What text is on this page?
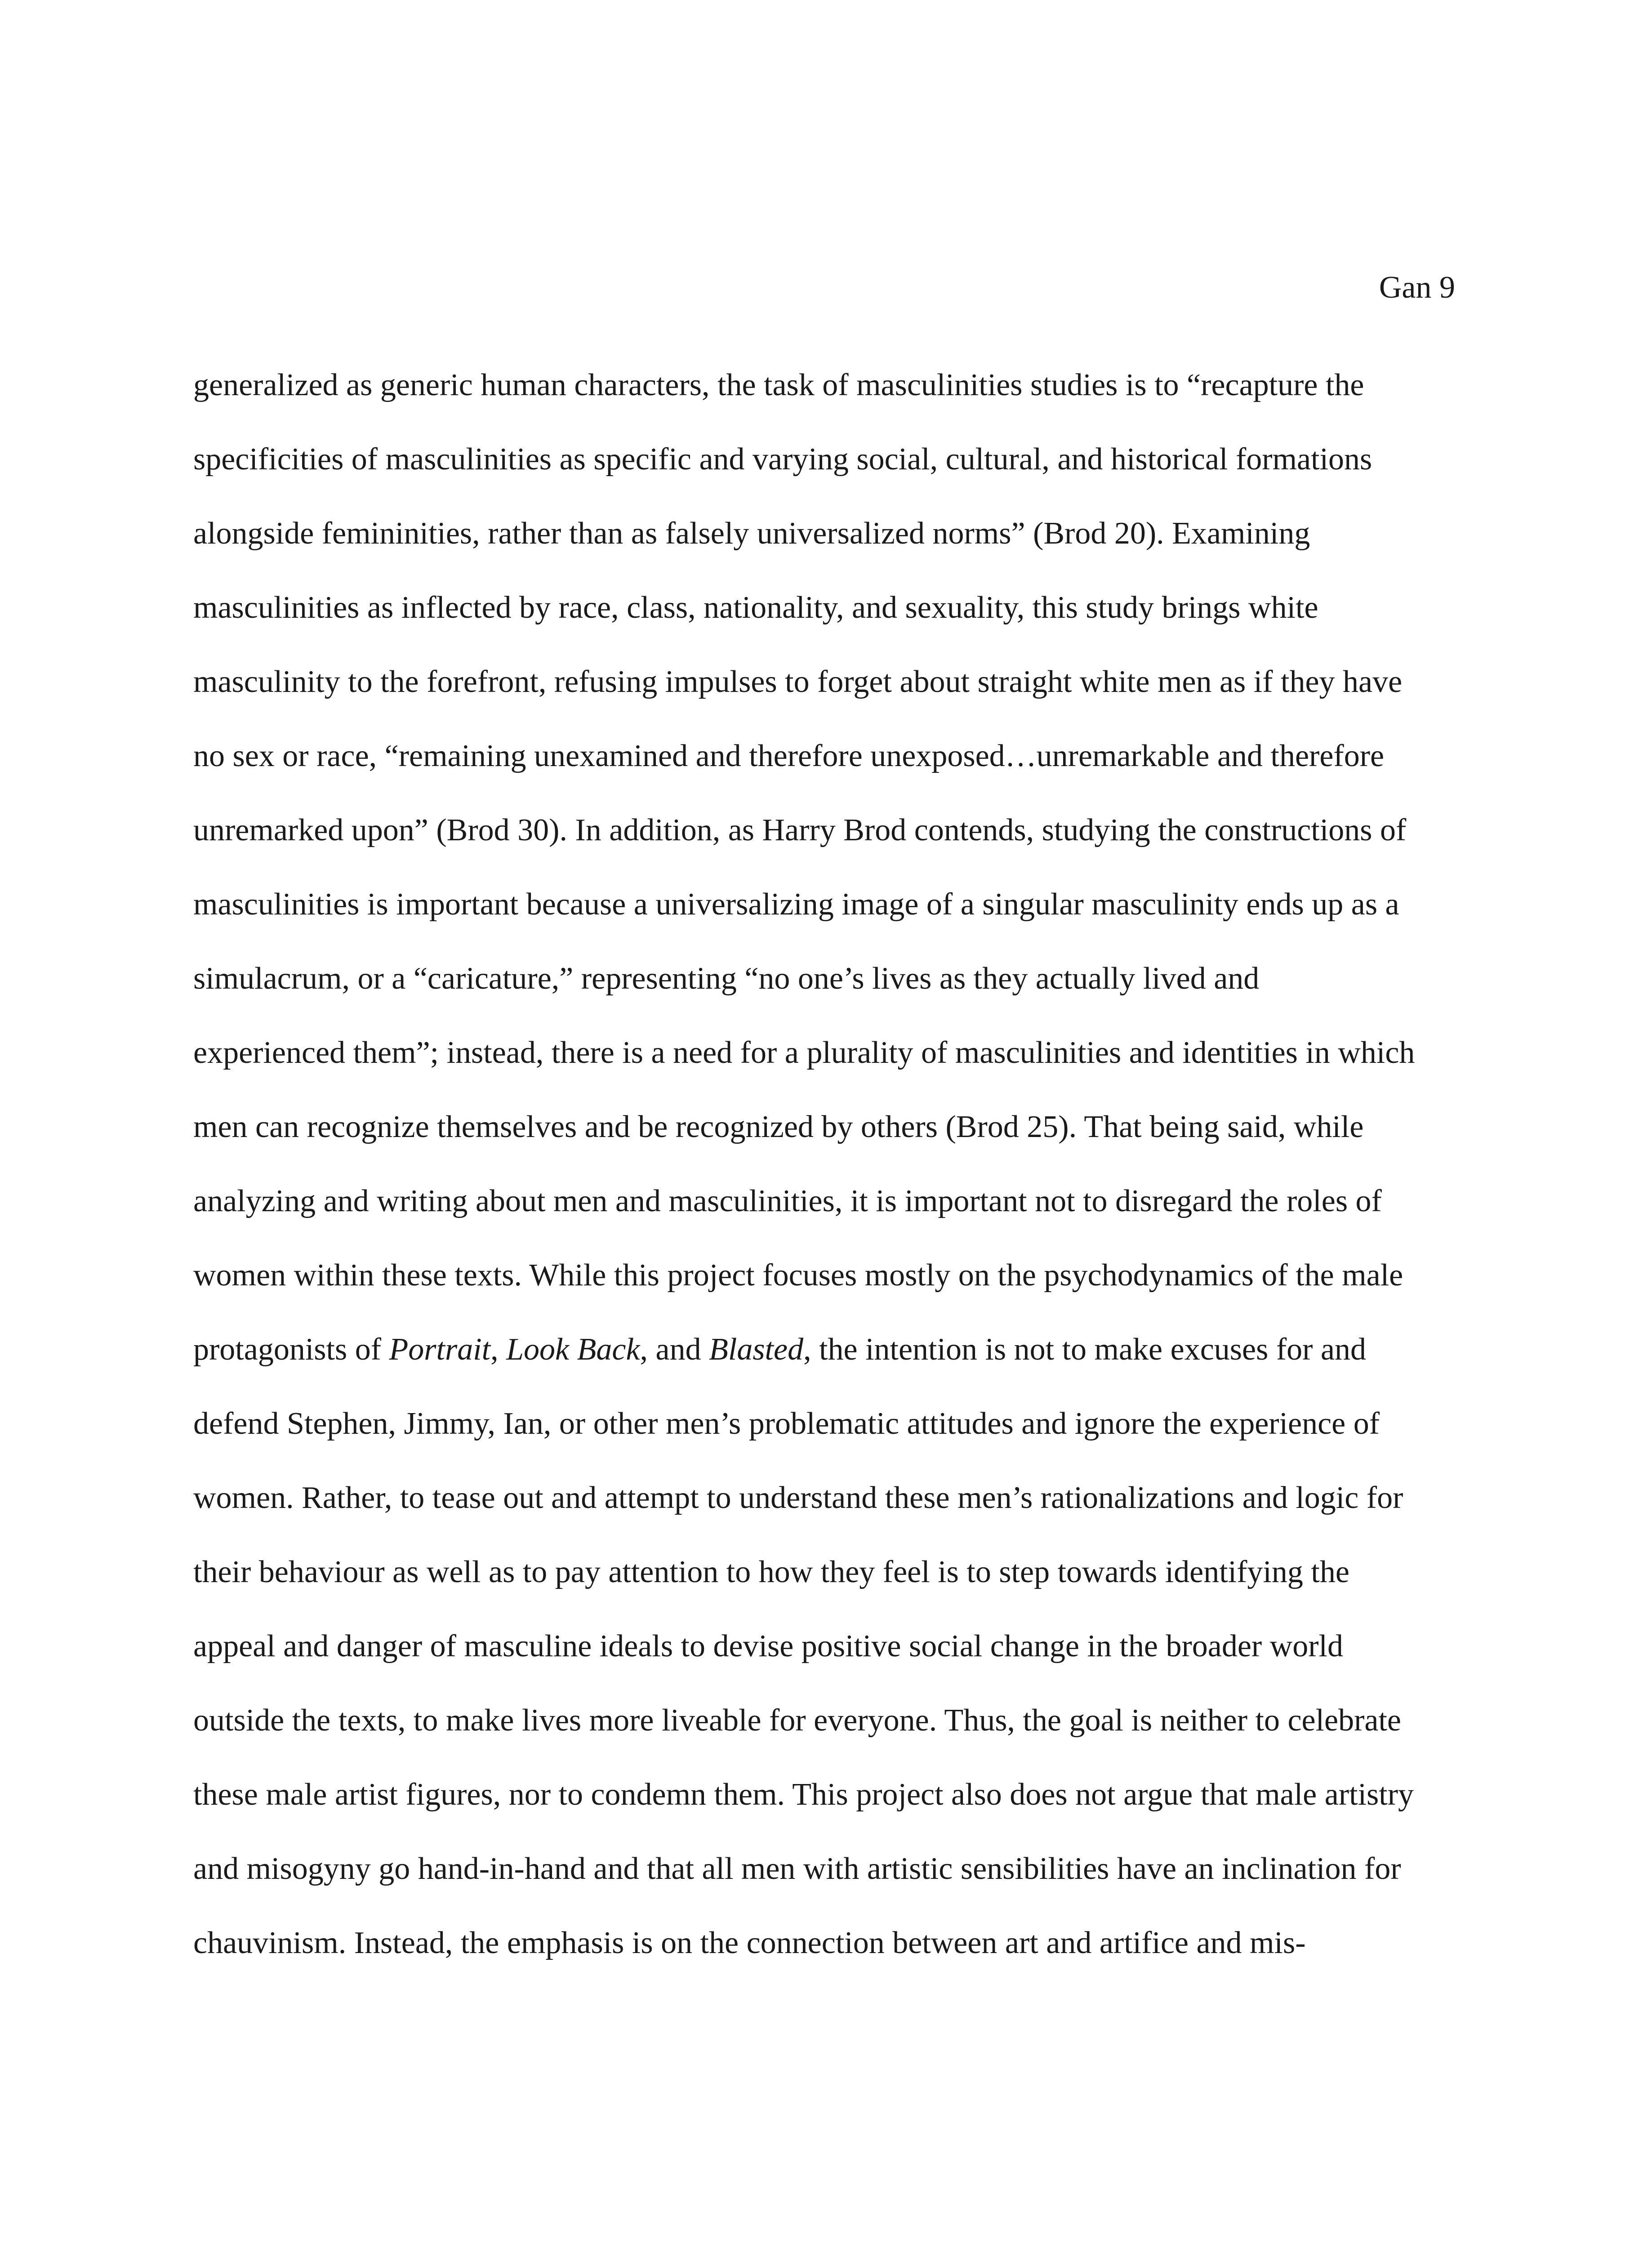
Gan 9
generalized as generic human characters, the task of masculinities studies is to “recapture the
specificities of masculinities as specific and varying social, cultural, and historical formations
alongside femininities, rather than as falsely universalized norms” (Brod 20). Examining
masculinities as inflected by race, class, nationality, and sexuality, this study brings white
masculinity to the forefront, refusing impulses to forget about straight white men as if they have
no sex or race, “remaining unexamined and therefore unexposed…unremarkable and therefore
unremarked upon” (Brod 30). In addition, as Harry Brod contends, studying the constructions of
masculinities is important because a universalizing image of a singular masculinity ends up as a
simulacrum, or a “caricature,” representing “no one’s lives as they actually lived and
experienced them”; instead, there is a need for a plurality of masculinities and identities in which
men can recognize themselves and be recognized by others (Brod 25). That being said, while
analyzing and writing about men and masculinities, it is important not to disregard the roles of
women within these texts. While this project focuses mostly on the psychodynamics of the male
protagonists of Portrait, Look Back, and Blasted, the intention is not to make excuses for and
defend Stephen, Jimmy, Ian, or other men’s problematic attitudes and ignore the experience of
women. Rather, to tease out and attempt to understand these men’s rationalizations and logic for
their behaviour as well as to pay attention to how they feel is to step towards identifying the
appeal and danger of masculine ideals to devise positive social change in the broader world
outside the texts, to make lives more liveable for everyone. Thus, the goal is neither to celebrate
these male artist figures, nor to condemn them. This project also does not argue that male artistry
and misogyny go hand-in-hand and that all men with artistic sensibilities have an inclination for
chauvinism. Instead, the emphasis is on the connection between art and artifice and mis-
